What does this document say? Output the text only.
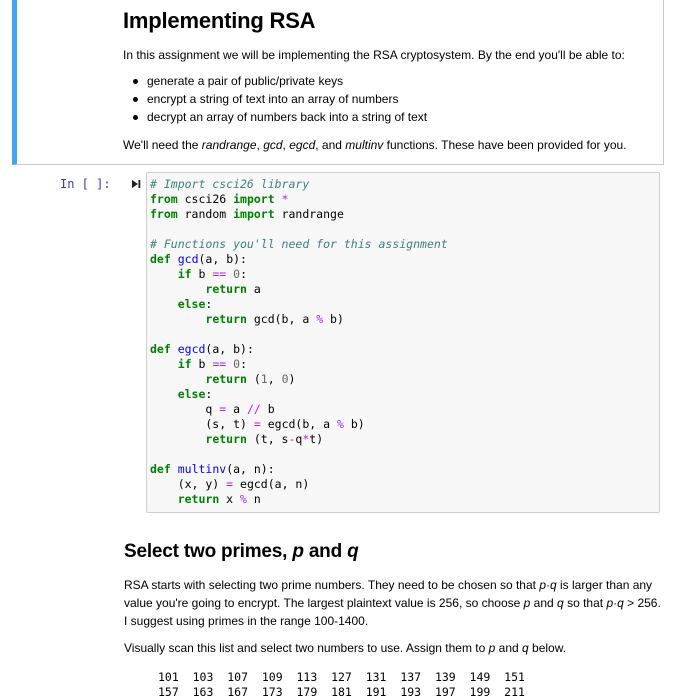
Implementing RSA

In this assignment we will be implementing the RSA cryptosystem. By the end you'll be able to:

generate a pair of public/private keys
encrypt a string of text into an array of numbers
decrypt an array of numbers back into a string of text

We'll need the randrange, gcd, egcd, and multinv functions. These have been provided for you.

In [ ]:	# Import csci26 library
from csci26 import *
from random import randrange

# Functions you'll need for this assignment
def gcd(a, b):
if b == 0:
return a
else:
return gcd(b, a % b)

def egcd(a, b):
if b == 0:
return (1, 0)
else:
q = a // b
(s, t) = egcd(b, a % b)
return (t, s-q*t)

def multinv(a, n):
(x, y) = egcd(a, n)
return x % n
Select two primes, p and q

RSA starts with selecting two prime numbers. They need to be chosen so that p·q is larger than any value you're going to encrypt. The largest plaintext value is 256, so choose p and q so that p·q > 256. I suggest using primes in the range 100-1400.

Visually scan this list and select two numbers to use. Assign them to p and q below.

101  103  107  109  113  127  131  137  139  149  151
157  163  167  173  179  181  191  193  197  199  211
